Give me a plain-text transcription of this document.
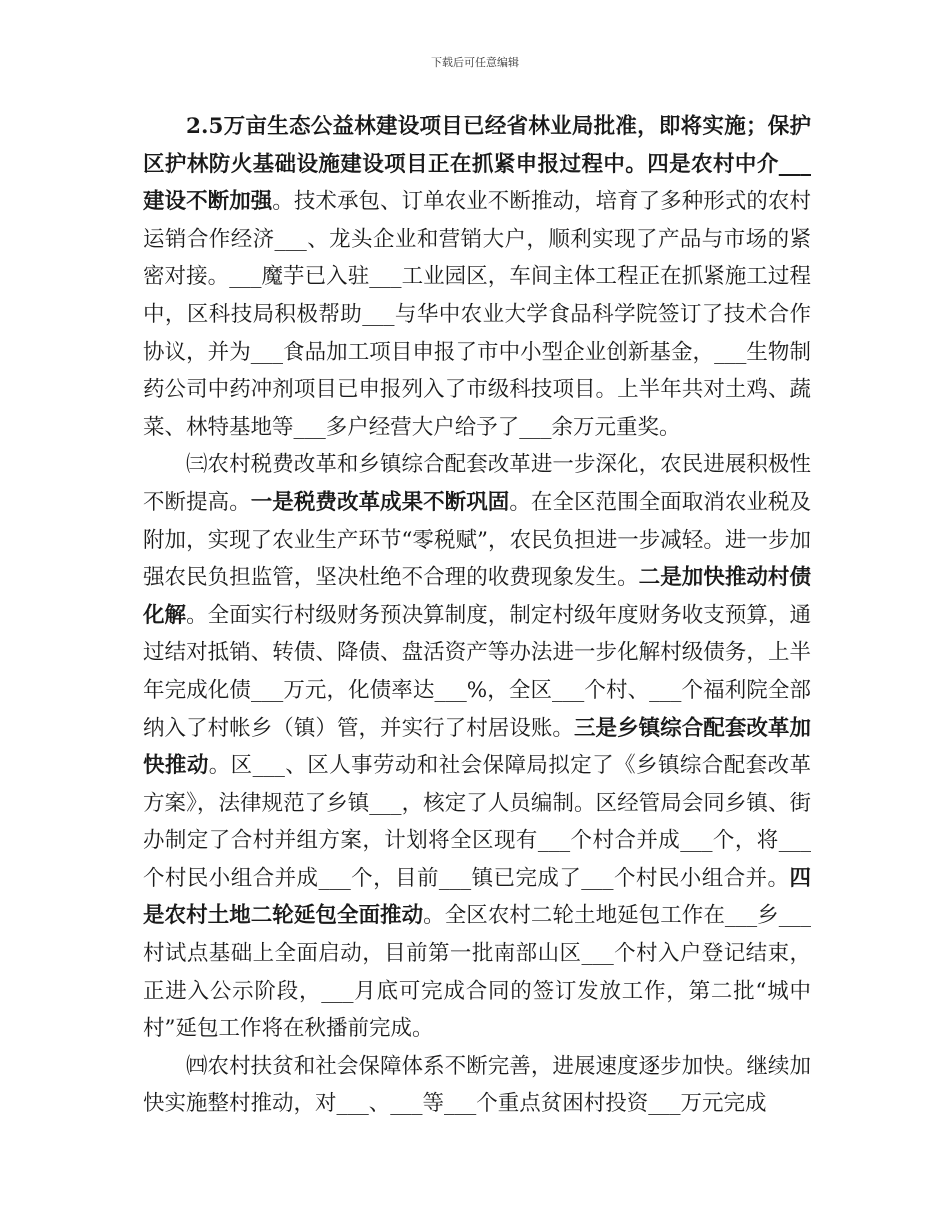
下载后可任意编辑

2.5万亩生态公益林建设项目已经省林业局批准，即将实施；保护区护林防火基础设施建设项目正在抓紧申报过程中。四是农村中介___建设不断加强。技术承包、订单农业不断推动，培育了多种形式的农村运销合作经济___、龙头企业和营销大户，顺利实现了产品与市场的紧密对接。___魔芋已入驻___工业园区，车间主体工程正在抓紧施工过程中，区科技局积极帮助___与华中农业大学食品科学院签订了技术合作协议，并为___食品加工项目申报了市中小型企业创新基金，___生物制药公司中药冲剂项目已申报列入了市级科技项目。上半年共对土鸡、蔬菜、林特基地等___多户经营大户给予了___余万元重奖。

㈢农村税费改革和乡镇综合配套改革进一步深化，农民进展积极性不断提高。一是税费改革成果不断巩固。在全区范围全面取消农业税及附加，实现了农业生产环节“零税赋”，农民负担进一步减轻。进一步加强农民负担监管，坚决杜绝不合理的收费现象发生。二是加快推动村债化解。全面实行村级财务预决算制度，制定村级年度财务收支预算，通过结对抵销、转债、降债、盘活资产等办法进一步化解村级债务，上半年完成化债___万元，化债率达___%，全区___个村、___个福利院全部纳入了村帐乡（镇）管，并实行了村居设账。三是乡镇综合配套改革加快推动。区___、区人事劳动和社会保障局拟定了《乡镇综合配套改革方案》，法律规范了乡镇___，核定了人员编制。区经管局会同乡镇、街办制定了合村并组方案，计划将全区现有___个村合并成___个，将___个村民小组合并成___个，目前___镇已完成了___个村民小组合并。四是农村土地二轮延包全面推动。全区农村二轮土地延包工作在___乡___村试点基础上全面启动，目前第一批南部山区___个村入户登记结束，正进入公示阶段，___月底可完成合同的签订发放工作，第二批“城中村”延包工作将在秋播前完成。

㈣农村扶贫和社会保障体系不断完善，进展速度逐步加快。继续加快实施整村推动，对___、___等___个重点贫困村投资___万元完成
